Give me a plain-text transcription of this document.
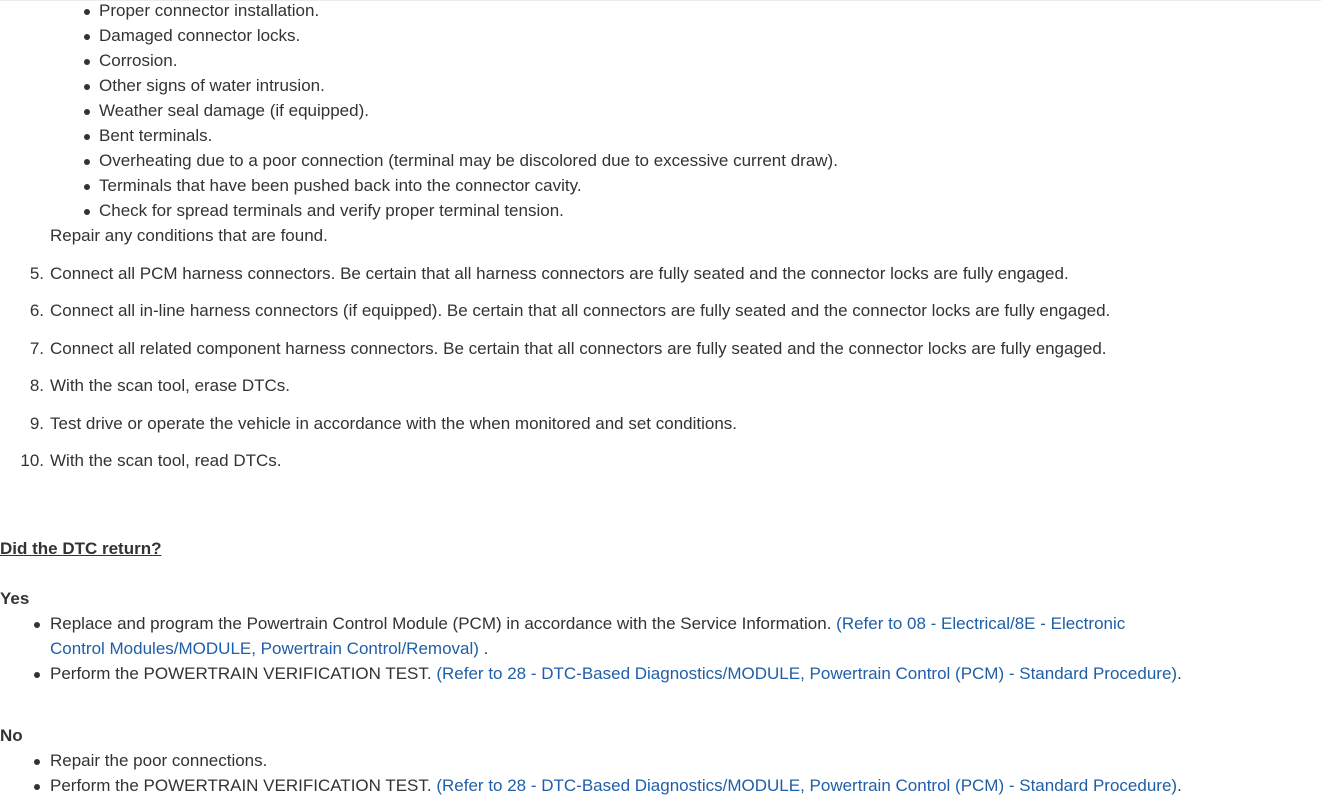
Proper connector installation.
Damaged connector locks.
Corrosion.
Other signs of water intrusion.
Weather seal damage (if equipped).
Bent terminals.
Overheating due to a poor connection (terminal may be discolored due to excessive current draw).
Terminals that have been pushed back into the connector cavity.
Check for spread terminals and verify proper terminal tension.
Repair any conditions that are found.
5. Connect all PCM harness connectors. Be certain that all harness connectors are fully seated and the connector locks are fully engaged.
6. Connect all in-line harness connectors (if equipped). Be certain that all connectors are fully seated and the connector locks are fully engaged.
7. Connect all related component harness connectors. Be certain that all connectors are fully seated and the connector locks are fully engaged.
8. With the scan tool, erase DTCs.
9. Test drive or operate the vehicle in accordance with the when monitored and set conditions.
10. With the scan tool, read DTCs.
Did the DTC return?
Yes
Replace and program the Powertrain Control Module (PCM) in accordance with the Service Information. (Refer to 08 - Electrical/8E - Electronic
Control Modules/MODULE, Powertrain Control/Removal) .
Perform the POWERTRAIN VERIFICATION TEST. (Refer to 28 - DTC-Based Diagnostics/MODULE, Powertrain Control (PCM) - Standard Procedure).
No
Repair the poor connections.
Perform the POWERTRAIN VERIFICATION TEST. (Refer to 28 - DTC-Based Diagnostics/MODULE, Powertrain Control (PCM) - Standard Procedure).
